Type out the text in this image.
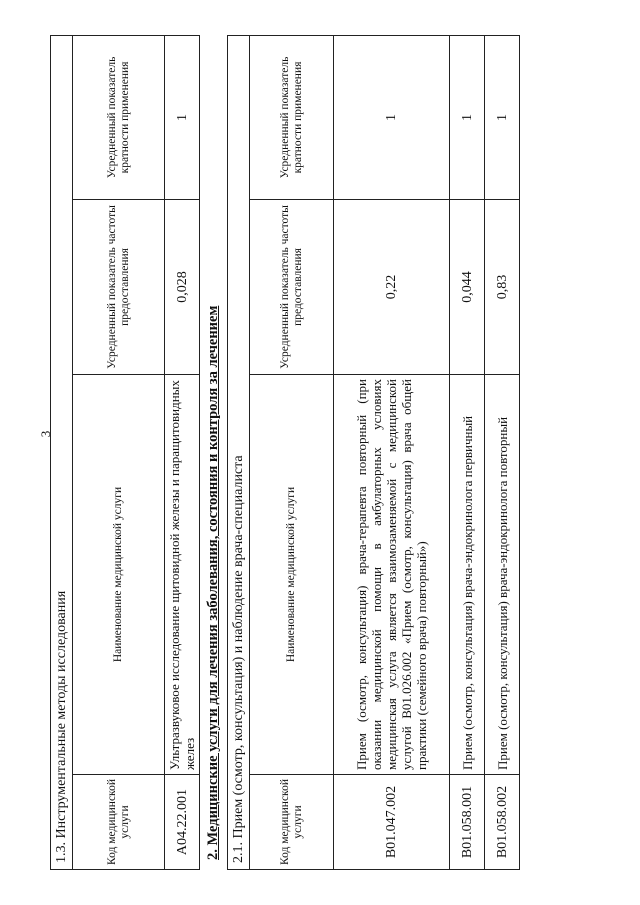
3
1.3. Инструментальные методы исследования			
Код медицинской услуги	Наименование медицинской услуги	Усредненный показатель частоты предоставления	Усредненный показатель кратности применения
A04.22.001	Ультразвуковое исследование щитовидной железы и паращитовидных желез	0,028	1
2. Медицинские услуги для лечения заболевания, состояния и контроля за лечением 2.1. Прием (осмотр, консультация) и наблюдение врача-специалиста			
Код медицинской услуги	Наименование медицинской услуги	Усредненный показатель частоты предоставления	Усредненный показатель кратности применения
B01.047.002	Прием (осмотр, консультация) врача-терапевта повторный (при оказании медицинской помощи в амбулаторных условиях медицинская услуга является взаимозаменяемой с медицинской услугой B01.026.002 «Прием (осмотр, консультация) врача общей практики (семейного врача) повторный»)	0,22	1
B01.058.001	Прием (осмотр, консультация) врача-эндокринолога первичный	0,044	1
B01.058.002	Прием (осмотр, консультация) врача-эндокринолога повторный	0,83	1
